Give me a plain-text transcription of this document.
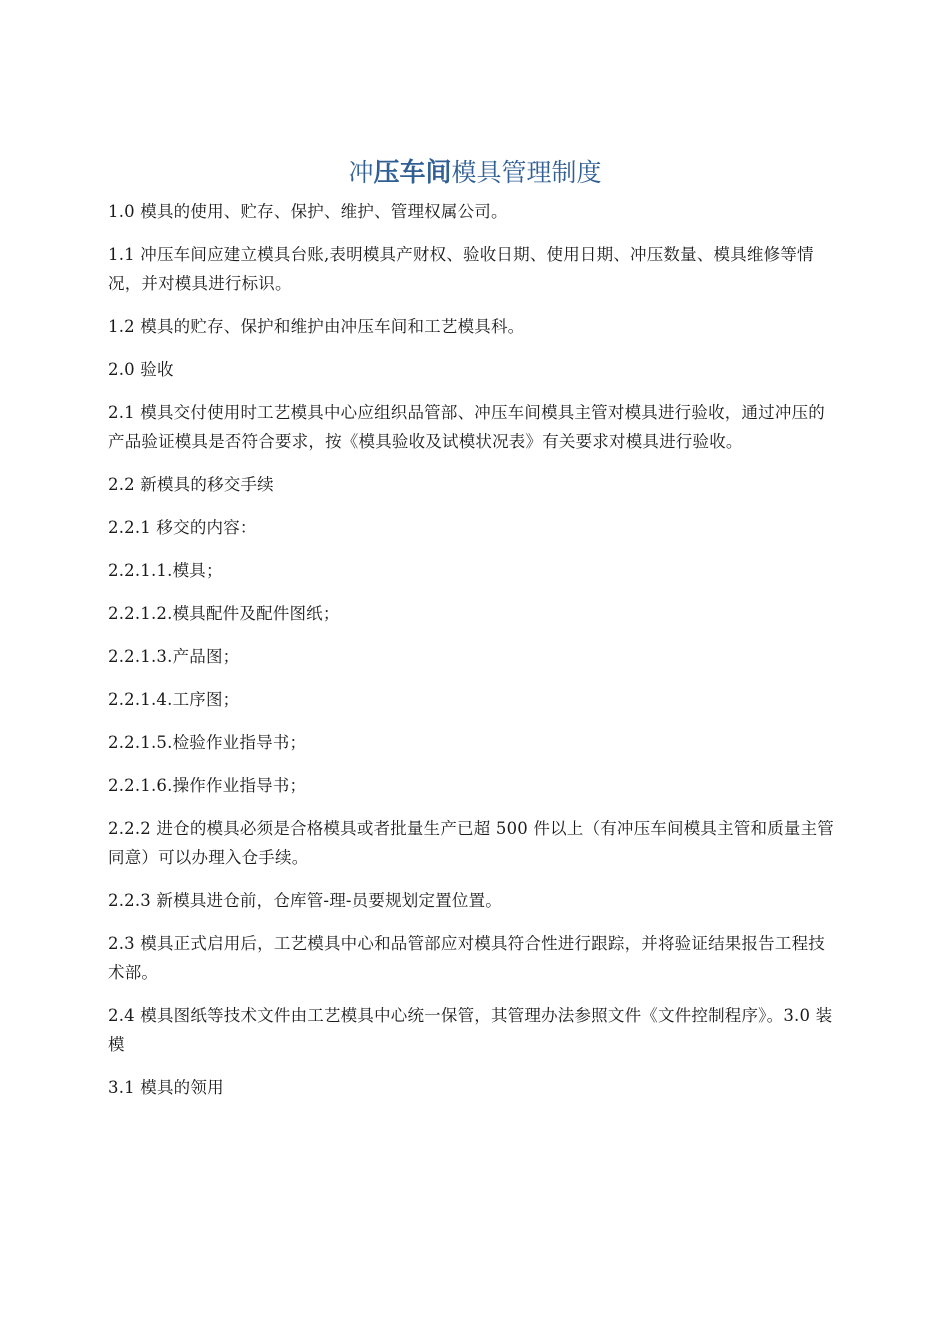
冲压车间模具管理制度

1.0 模具的使用、贮存、保护、维护、管理权属公司。

1.1 冲压车间应建立模具台账,表明模具产财权、验收日期、使用日期、冲压数量、模具维修等情况，并对模具进行标识。

1.2 模具的贮存、保护和维护由冲压车间和工艺模具科。

2.0 验收

2.1 模具交付使用时工艺模具中心应组织品管部、冲压车间模具主管对模具进行验收，通过冲压的产品验证模具是否符合要求，按《模具验收及试模状况表》有关要求对模具进行验收。

2.2 新模具的移交手续

2.2.1 移交的内容：

2.2.1.1.模具；

2.2.1.2.模具配件及配件图纸；

2.2.1.3.产品图；

2.2.1.4.工序图；

2.2.1.5.检验作业指导书；

2.2.1.6.操作作业指导书；

2.2.2 进仓的模具必须是合格模具或者批量生产已超 500 件以上（有冲压车间模具主管和质量主管同意）可以办理入仓手续。

2.2.3 新模具进仓前，仓库管-理-员要规划定置位置。

2.3 模具正式启用后，工艺模具中心和品管部应对模具符合性进行跟踪，并将验证结果报告工程技术部。

2.4 模具图纸等技术文件由工艺模具中心统一保管，其管理办法参照文件《文件控制程序》。3.0 装模

3.1 模具的领用
